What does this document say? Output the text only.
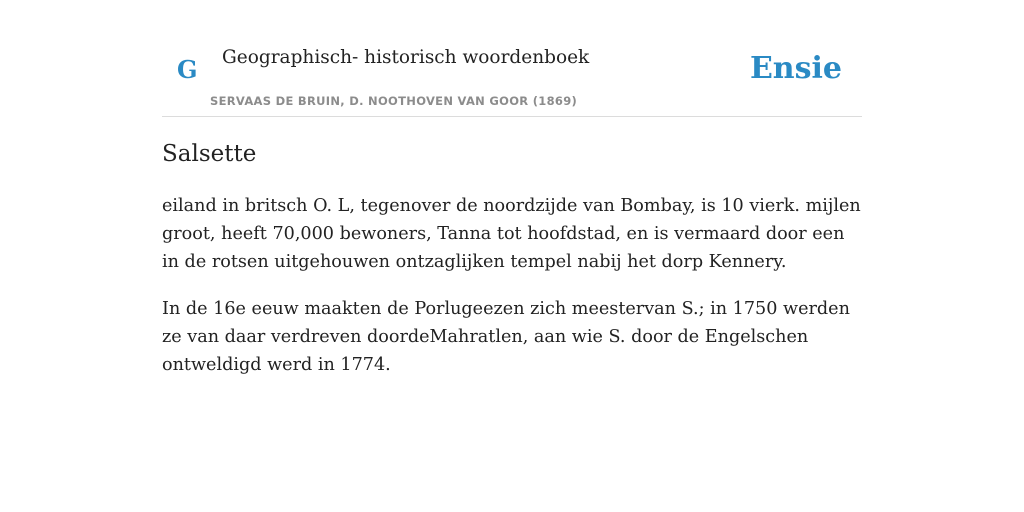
G Geographisch- historisch woordenboek
SERVAAS DE BRUIN, D. NOOTHOVEN VAN GOOR (1869)
Ensie
Salsette

eiland in britsch O. L, tegenover de noordzijde van Bombay, is 10 vierk. mijlen groot, heeft 70,000 bewoners, Tanna tot hoofdstad, en is vermaard door een in de rotsen uitgehouwen ontzaglijken tempel nabij het dorp Kennery.

In de 16e eeuw maakten de Porlugeezen zich meestervan S.; in 1750 werden ze van daar verdreven doordeMahratlen, aan wie S. door de Engelschen ontweldigd werd in 1774.
